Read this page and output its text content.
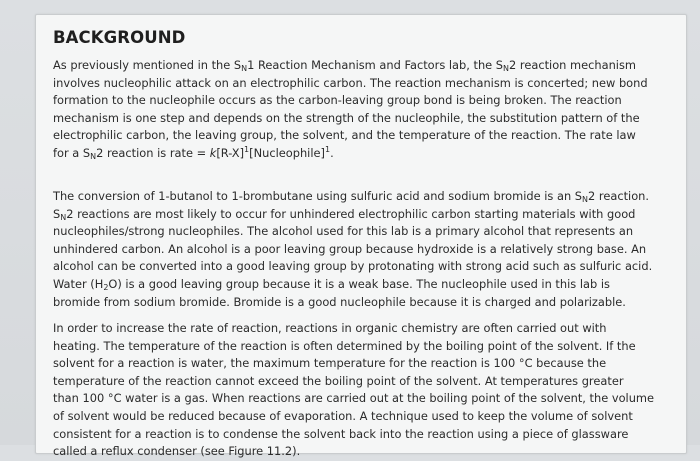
BACKGROUND
As previously mentioned in the $S_N1$ Reaction Mechanism and Factors lab, the $S_N2$ reaction mechanism
involves nucleophilic attack on an electrophilic carbon. The reaction mechanism is concerted; new bond
formation to the nucleophile occurs as the carbon-leaving group bond is being broken. The reaction
mechanism is one step and depends on the strength of the nucleophile, the substitution pattern of the
electrophilic carbon, the leaving group, the solvent, and the temperature of the reaction. The rate law
for a $S_N2$ reaction is rate = $k[R-X]^1[Nucleophile]^1$.
The conversion of 1-butanol to 1-brombutane using sulfuric acid and sodium bromide is an $S_N2$ reaction.
$S_N2$ reactions are most likely to occur for unhindered electrophilic carbon starting materials with good
nucleophiles/strong nucleophiles. The alcohol used for this lab is a primary alcohol that represents an
unhindered carbon. An alcohol is a poor leaving group because hydroxide is a relatively strong base. An
alcohol can be converted into a good leaving group by protonating with strong acid such as sulfuric acid.
Water $(H_2O)$ is a good leaving group because it is a weak base. The nucleophile used in this lab is
bromide from sodium bromide. Bromide is a good nucleophile because it is charged and polarizable.
In order to increase the rate of reaction, reactions in organic chemistry are often carried out with
heating. The temperature of the reaction is often determined by the boiling point of the solvent. If the
solvent for a reaction is water, the maximum temperature for the reaction is 100 °C because the
temperature of the reaction cannot exceed the boiling point of the solvent. At temperatures greater
than 100 °C water is a gas. When reactions are carried out at the boiling point of the solvent, the volume
of solvent would be reduced because of evaporation. A technique used to keep the volume of solvent
consistent for a reaction is to condense the solvent back into the reaction using a piece of glassware
called a reflux condenser (see Figure 11.2).
